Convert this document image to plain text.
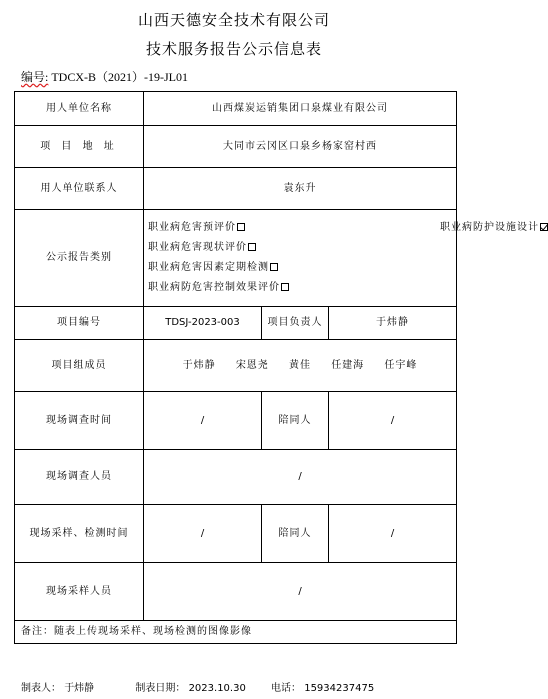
山西天德安全技术有限公司
技术服务报告公示信息表
编号: TDCX-B（2021）-19-JL01
用人单位名称	山西煤炭运销集团口泉煤业有限公司		
项 目 地 址	大同市云冈区口泉乡杨家窑村西		
用人单位联系人	袁东升		
公示报告类别	职业病危害预评价 职业病防护设施设计
职业病危害现状评价
职业病危害因素定期检测
职业病防危害控制效果评价		

项目编号	TDSJ-2023-003	项目负责人	于炜静
项目组成员	于炜静 宋恩尧 黄佳 任建海 任宇峰		
现场调查时间	/	陪同人	/
现场调查人员	/		
现场采样、检测时间	/	陪同人	/
现场采样人员	/		
备注：随表上传现场采样、现场检测的图像影像			
制表人： 于炜静	制表日期： 2023.10.30	电话： 15934237475
